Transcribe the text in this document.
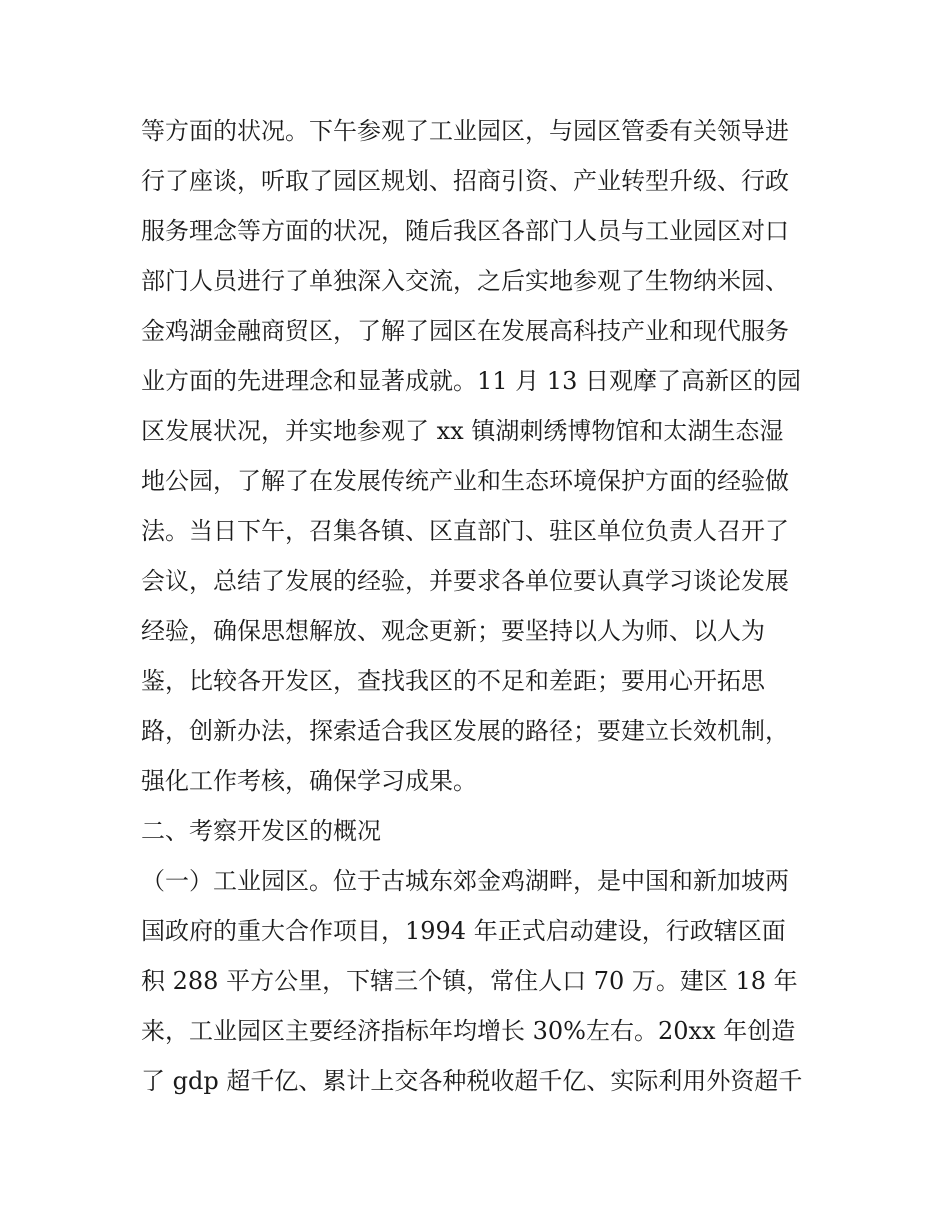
等方面的状况。下午参观了工业园区，与园区管委有关领导进
行了座谈，听取了园区规划、招商引资、产业转型升级、行政
服务理念等方面的状况，随后我区各部门人员与工业园区对口
部门人员进行了单独深入交流，之后实地参观了生物纳米园、
金鸡湖金融商贸区，了解了园区在发展高科技产业和现代服务
业方面的先进理念和显著成就。11 月 13 日观摩了高新区的园
区发展状况，并实地参观了 xx 镇湖刺绣博物馆和太湖生态湿
地公园，了解了在发展传统产业和生态环境保护方面的经验做
法。当日下午，召集各镇、区直部门、驻区单位负责人召开了
会议，总结了发展的经验，并要求各单位要认真学习谈论发展
经验，确保思想解放、观念更新；要坚持以人为师、以人为
鉴，比较各开发区，查找我区的不足和差距；要用心开拓思
路，创新办法，探索适合我区发展的路径；要建立长效机制，
强化工作考核，确保学习成果。
二、考察开发区的概况
（一）工业园区。位于古城东郊金鸡湖畔，是中国和新加坡两
国政府的重大合作项目，1994 年正式启动建设，行政辖区面
积 288 平方公里，下辖三个镇，常住人口 70 万。建区 18 年
来，工业园区主要经济指标年均增长 30%左右。20xx 年创造
了 gdp 超千亿、累计上交各种税收超千亿、实际利用外资超千
